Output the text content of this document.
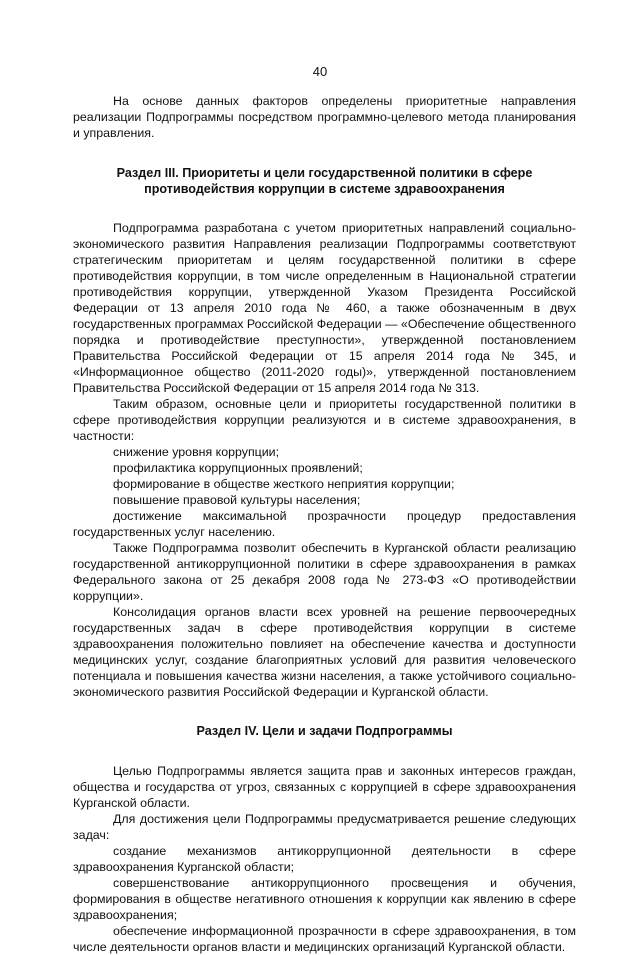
40

На основе данных факторов определены приоритетные направления реализации Подпрограммы посредством программно-целевого метода планирования и управления.

Раздел III. Приоритеты и цели государственной политики в сфере
противодействия коррупции в системе здравоохранения

Подпрограмма разработана с учетом приоритетных направлений социально-экономического развития Направления реализации Подпрограммы соответствуют стратегическим приоритетам и целям государственной политики в сфере противодействия коррупции, в том числе определенным в Национальной стратегии противодействия коррупции, утвержденной Указом Президента Российской Федерации от 13 апреля 2010 года № 460, а также обозначенным в двух государственных программах Российской Федерации — «Обеспечение общественного порядка и противодействие преступности», утвержденной постановлением Правительства Российской Федерации от 15 апреля 2014 года № 345, и «Информационное общество (2011-2020 годы)», утвержденной постановлением Правительства Российской Федерации от 15 апреля 2014 года № 313.

Таким образом, основные цели и приоритеты государственной политики в сфере противодействия коррупции реализуются и в системе здравоохранения, в частности:

снижение уровня коррупции;

профилактика коррупционных проявлений;

формирование в обществе жесткого неприятия коррупции;

повышение правовой культуры населения;

достижение максимальной прозрачности процедур предоставления государственных услуг населению.

Также Подпрограмма позволит обеспечить в Курганской области реализацию государственной антикоррупционной политики в сфере здравоохранения в рамках Федерального закона от 25 декабря 2008 года № 273-ФЗ «О противодействии коррупции».

Консолидация органов власти всех уровней на решение первоочередных государственных задач в сфере противодействия коррупции в системе здравоохранения положительно повлияет на обеспечение качества и доступности медицинских услуг, создание благоприятных условий для развития человеческого потенциала и повышения качества жизни населения, а также устойчивого социально-экономического развития Российской Федерации и Курганской области.

Раздел IV. Цели и задачи Подпрограммы

Целью Подпрограммы является защита прав и законных интересов граждан, общества и государства от угроз, связанных с коррупцией в сфере здравоохранения Курганской области.

Для достижения цели Подпрограммы предусматривается решение следующих задач:

создание механизмов антикоррупционной деятельности в сфере здравоохранения Курганской области;

совершенствование антикоррупционного просвещения и обучения, формирования в обществе негативного отношения к коррупции как явлению в сфере здравоохранения;

обеспечение информационной прозрачности в сфере здравоохранения, в том числе деятельности органов власти и медицинских организаций Курганской области.
